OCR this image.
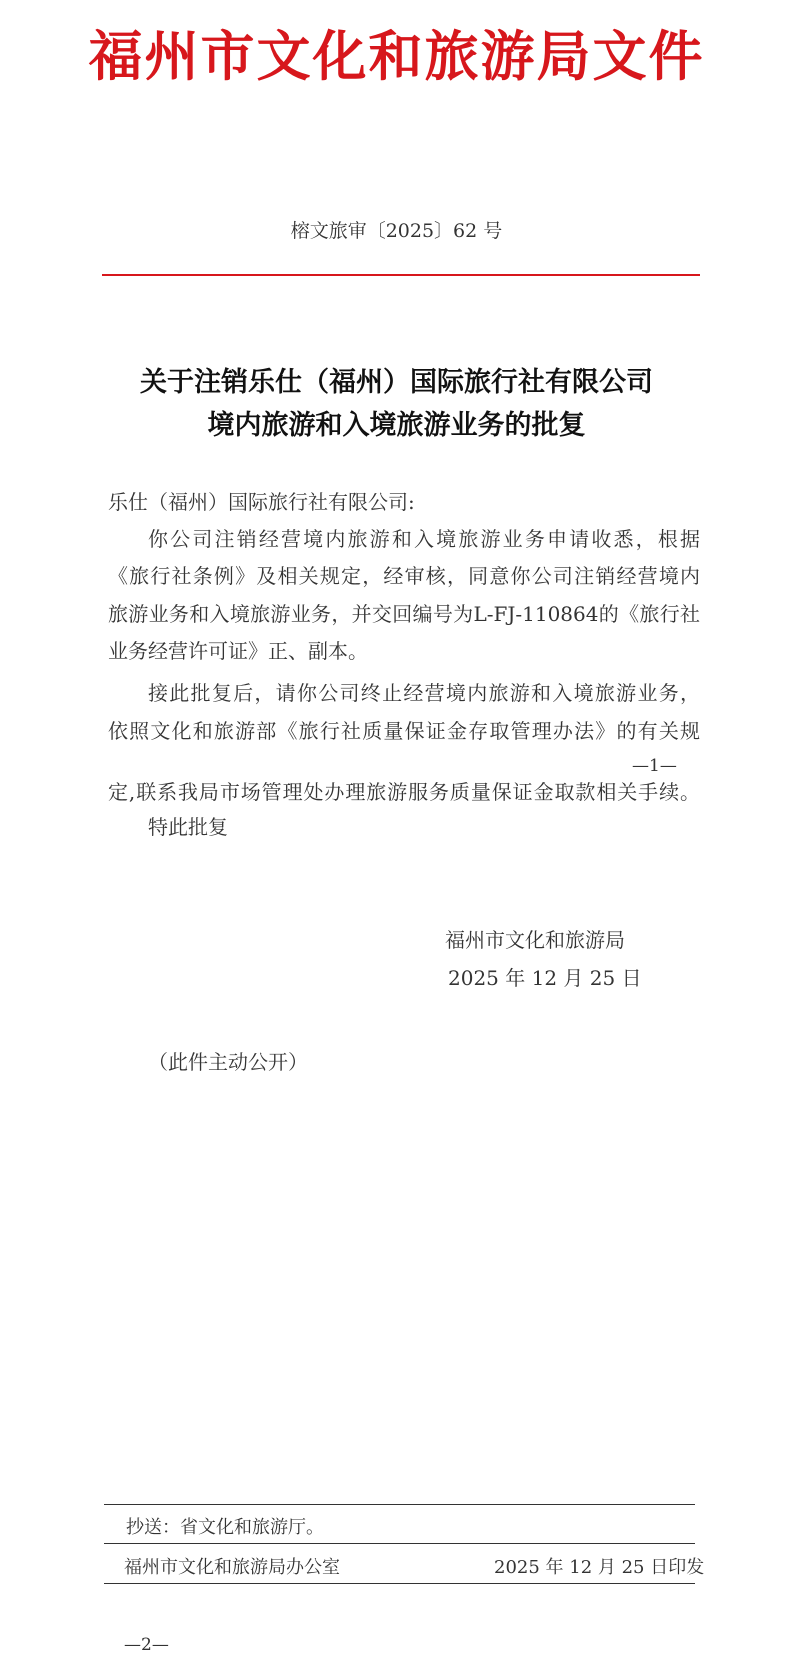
福州市文化和旅游局文件
榕文旅审〔2025〕62 号
关于注销乐仕（福州）国际旅行社有限公司
境内旅游和入境旅游业务的批复
乐仕（福州）国际旅行社有限公司:
你公司注销经营境内旅游和入境旅游业务申请收悉，根据
《旅行社条例》及相关规定，经审核，同意你公司注销经营境内
旅游业务和入境旅游业务，并交回编号为L-FJ-110864的《旅行社
业务经营许可证》正、副本。
接此批复后，请你公司终止经营境内旅游和入境旅游业务，
依照文化和旅游部《旅行社质量保证金存取管理办法》的有关规
—1—
定,联系我局市场管理处办理旅游服务质量保证金取款相关手续。
特此批复
福州市文化和旅游局
2025 年 12 月 25 日
（此件主动公开）
抄送：省文化和旅游厅。
福州市文化和旅游局办公室	2025 年 12 月 25 日印发
—2—
